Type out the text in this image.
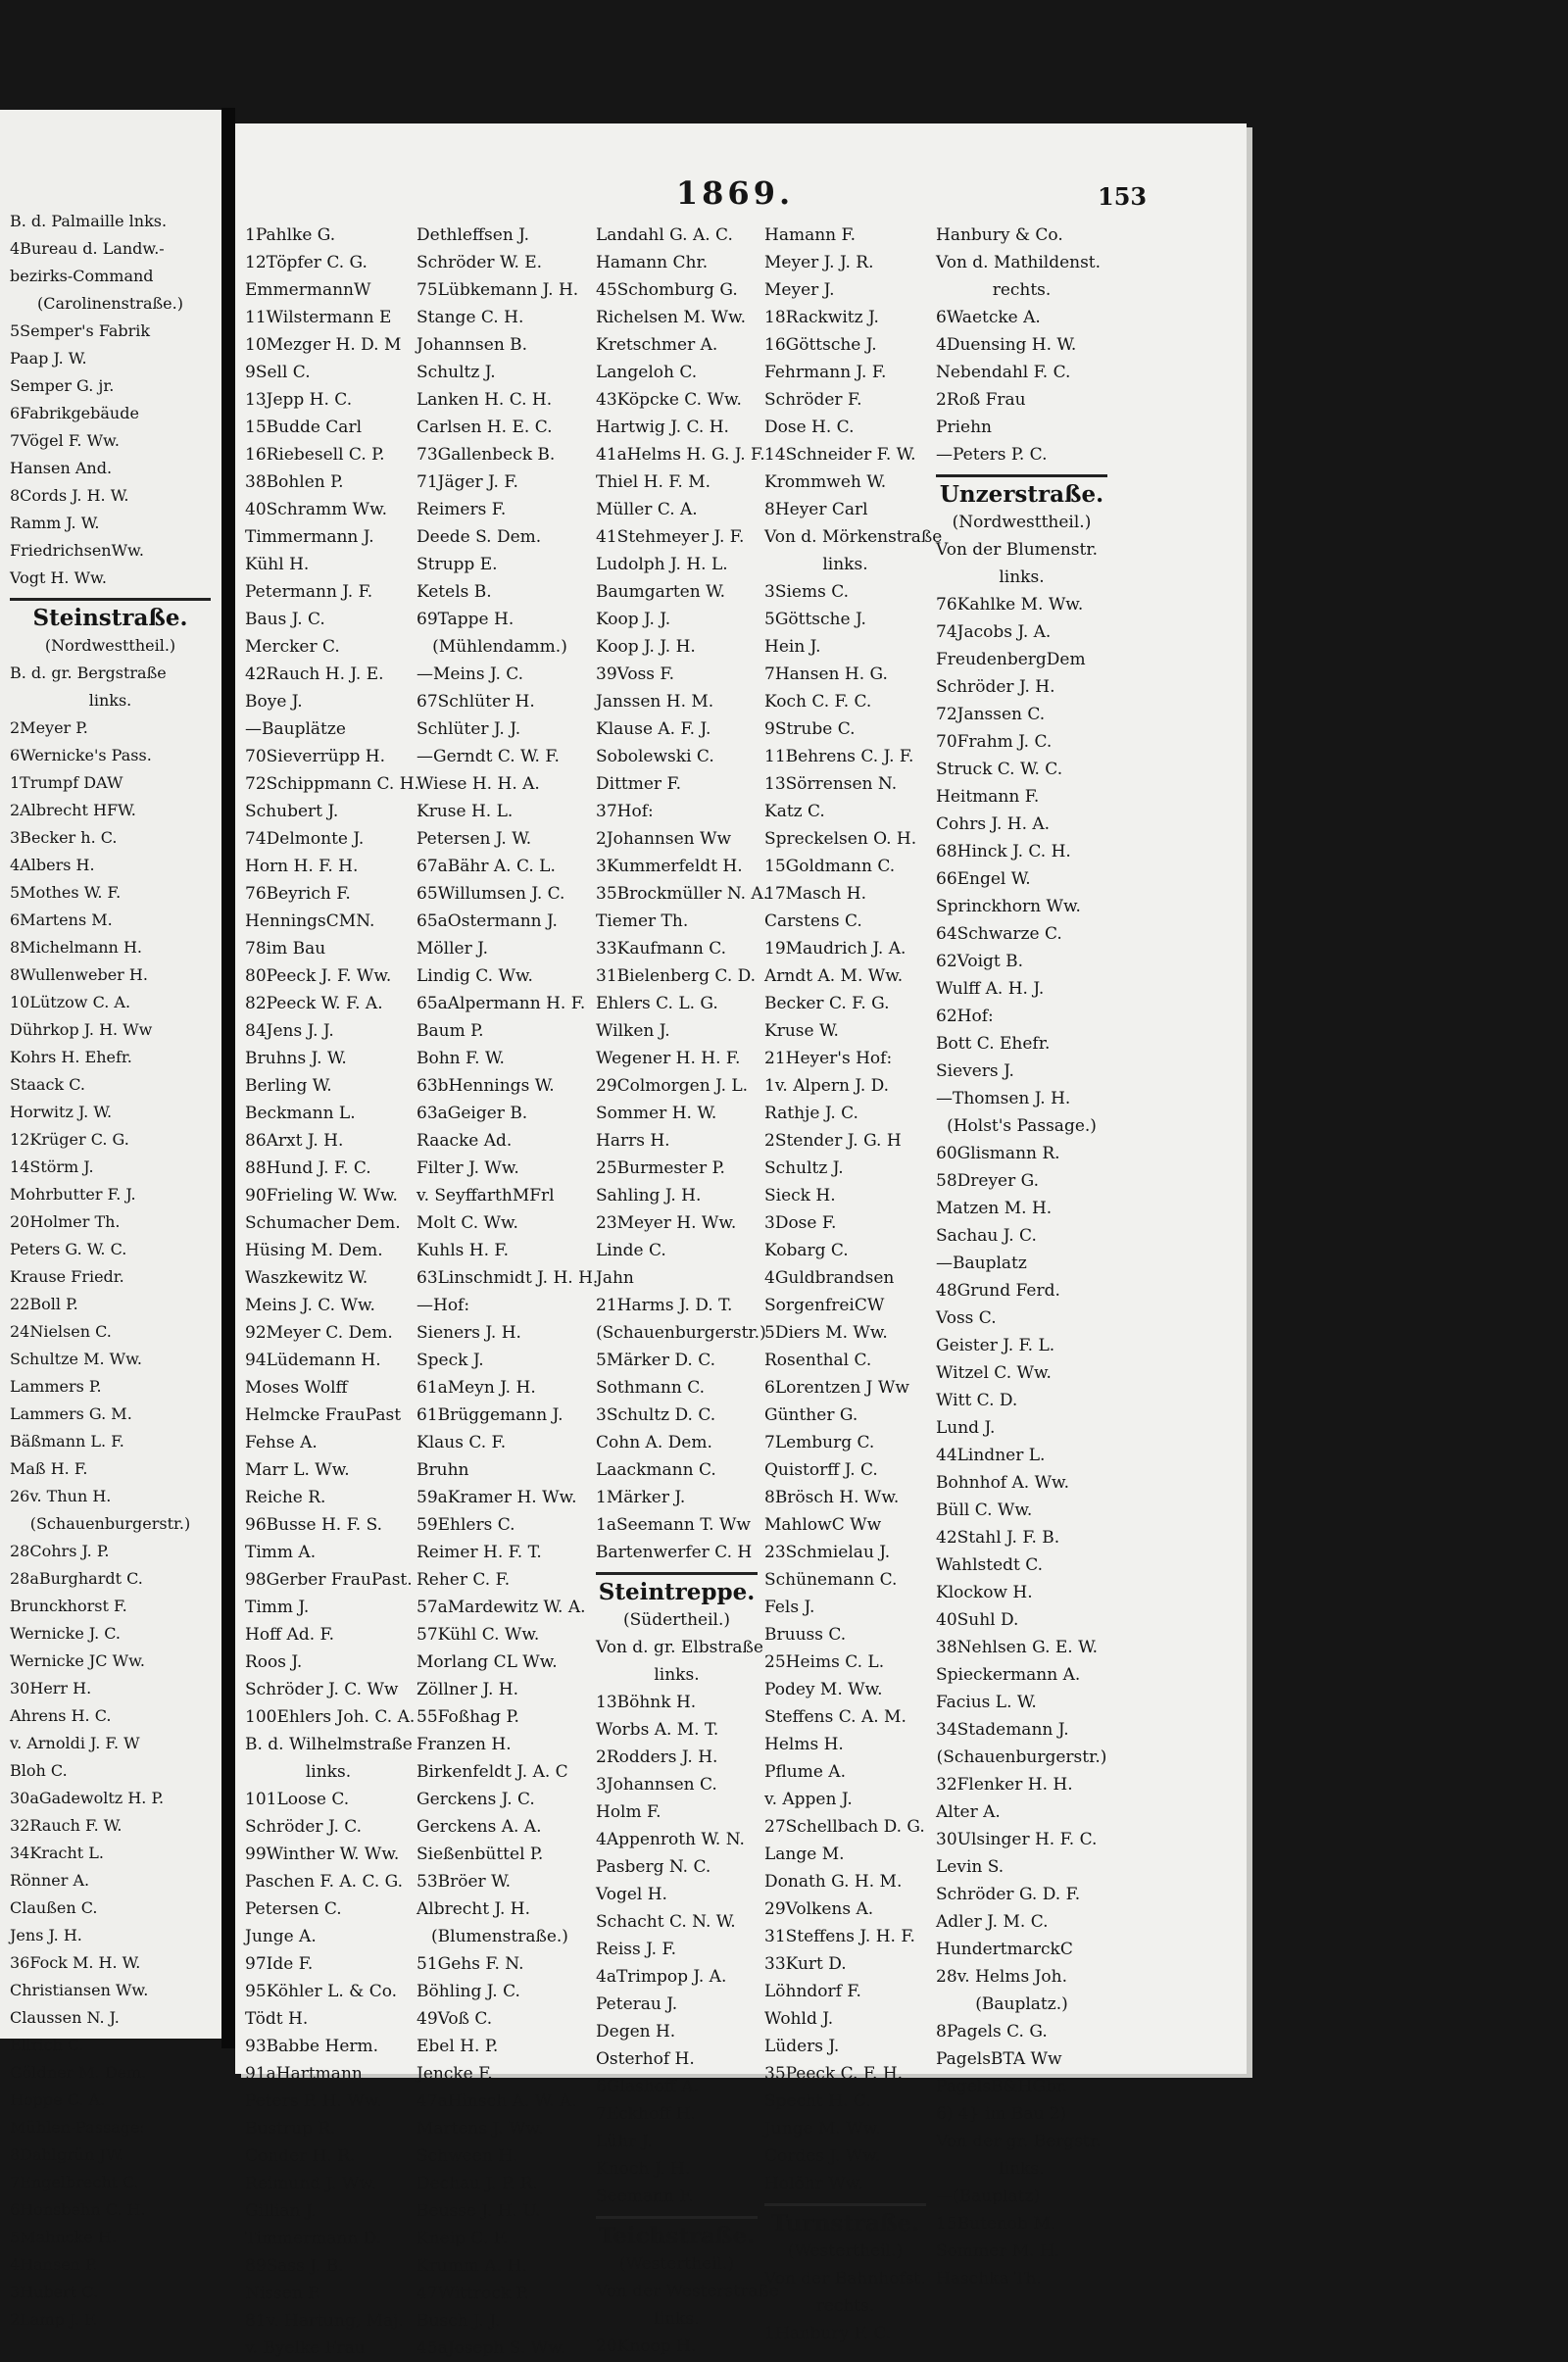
B. d. Palmaille lnks.
4Bureau d. Landw.-
bezirks-Command
(Carolinenstraße.)
5Semper's Fabrik
Paap J. W.
Semper G. jr.
6Fabrikgebäude
7Vögel F. Ww.
Hansen And.
8Cords J. H. W.
Ramm J. W.
FriedrichsenWw.
Vogt H. Ww.
Steinstraße.
(Nordwesttheil.)
B. d. gr. Bergstraße
links.
2Meyer P.
6Wernicke's Pass.
1Trumpf DAW
2Albrecht HFW.
3Becker h. C.
4Albers H.
5Mothes W. F.
6Martens M.
8Michelmann H.
8Wullenweber H.
10Lützow C. A.
Dührkop J. H. Ww
Kohrs H. Ehefr.
Staack C.
Horwitz J. W.
12Krüger C. G.
14Störm J.
Mohrbutter F. J.
20Holmer Th.
Peters G. W. C.
Krause Friedr.
22Boll P.
24Nielsen C.
Schultze M. Ww.
Lammers P.
Lammers G. M.
Bäßmann L. F.
Maß H. F.
26v. Thun H.
(Schauenburgerstr.)
28Cohrs J. P.
28aBurghardt C.
Brunckhorst F.
Wernicke J. C.
Wernicke JC Ww.
30Herr H.
Ahrens H. C.
v. Arnoldi J. F. W
Bloh C.
30aGadewoltz H. P.
32Rauch F. W.
34Kracht L.
Rönner A.
Claußen C.
Jens J. H.
36Fock M. H. W.
Christiansen Ww.
Claussen N. J.
Ellrich C.
Göldner M. Dem.
Hoppe C. A.
Mühlen-Passage:
8Dahlgrün JW.
7Engelbrecht C.
6Honsbehn C. H.
5Mahncke H.
4Hansen P.
3Hubert C.
2Lamp J. F.
1869.	153
1Pahlke G.
12Töpfer C. G.
EmmermannW
11Wilstermann E
10Mezger H. D. M
9Sell C.
13Jepp H. C.
15Budde Carl
16Riebesell C. P.
38Bohlen P.
40Schramm Ww.
Timmermann J.
Kühl H.
Petermann J. F.
Baus J. C.
Mercker C.
42Rauch H. J. E.
Boye J.
—Bauplätze
70Sieverrüpp H.
72Schippmann C. H.
Schubert J.
74Delmonte J.
Horn H. F. H.
76Beyrich F.
HenningsCMN.
78im Bau
80Peeck J. F. Ww.
82Peeck W. F. A.
84Jens J. J.
Bruhns J. W.
Berling W.
Beckmann L.
86Arxt J. H.
88Hund J. F. C.
90Frieling W. Ww.
Schumacher Dem.
Hüsing M. Dem.
Waszkewitz W.
Meins J. C. Ww.
92Meyer C. Dem.
94Lüdemann H.
Moses Wolff
Helmcke FrauPast
Fehse A.
Marr L. Ww.
Reiche R.
96Busse H. F. S.
Timm A.
98Gerber FrauPast.
Timm J.
Hoff Ad. F.
Roos J.
Schröder J. C. Ww
100Ehlers Joh. C. A.
B. d. Wilhelmstraße
links.
101Loose C.
Schröder J. C.
99Winther W. Ww.
Paschen F. A. C. G.
Petersen C.
Junge A.
97Ide F.
95Köhler L. & Co.
Tödt H.
93Babbe Herm.
91aHartmann
Peters P. H. Ww.
Bustrup R.
Conder H. R.
Reimund J. Ww.
Gillian J.
Timmermann D.
89Sass J. B.
Nissen P.
81v. Hartung, Maj.
v. Byelke Frau
Dethleffsen J.
Schröder W. E.
75Lübkemann J. H.
Stange C. H.
Johannsen B.
Schultz J.
Lanken H. C. H.
Carlsen H. E. C.
73Gallenbeck B.
71Jäger J. F.
Reimers F.
Deede S. Dem.
Strupp E.
Ketels B.
69Tappe H.
(Mühlendamm.)
—Meins J. C.
67Schlüter H.
Schlüter J. J.
—Gerndt C. W. F.
Wiese H. H. A.
Kruse H. L.
Petersen J. W.
67aBähr A. C. L.
65Willumsen J. C.
65aOstermann J.
Möller J.
Lindig C. Ww.
65aAlpermann H. F.
Baum P.
Bohn F. W.
63bHennings W.
63aGeiger B.
Raacke Ad.
Filter J. Ww.
v. SeyffarthMFrl
Molt C. Ww.
Kuhls H. F.
63Linschmidt J. H. H.
—Hof:
Sieners J. H.
Speck J.
61aMeyn J. H.
61Brüggemann J.
Klaus C. F.
Bruhn
59aKramer H. Ww.
59Ehlers C.
Reimer H. F. T.
Reher C. F.
57aMardewitz W. A.
57Kühl C. Ww.
Morlang CL Ww.
Zöllner J. H.
55Foßhag P.
Franzen H.
Birkenfeldt J. A. C
Gerckens J. C.
Gerckens A. A.
Sießenbüttel P.
53Bröer W.
Albrecht J. H.
(Blumenstraße.)
51Gehs F. N.
Böhling J. C.
49Voß C.
Ebel H. P.
Jencke F.
47aHinsch A. W. A.
Martens J. Ww.
Schween H.
Dechau J. P. R.
Beusse J. H. U.
Kneip C. F.
Krumm A. H.
47Wittrock P.
Busch J. J.
45aJoseph S. Ww.
Landahl G. A. C.
Hamann Chr.
45Schomburg G.
Richelsen M. Ww.
Kretschmer A.
Langeloh C.
43Köpcke C. Ww.
Hartwig J. C. H.
41aHelms H. G. J. F.
Thiel H. F. M.
Müller C. A.
41Stehmeyer J. F.
Ludolph J. H. L.
Baumgarten W.
Koop J. J.
Koop J. J. H.
39Voss F.
Janssen H. M.
Klause A. F. J.
Sobolewski C.
Dittmer F.
37Hof:
2Johannsen Ww
3Kummerfeldt H.
35Brockmüller N. A.
Tiemer Th.
33Kaufmann C.
31Bielenberg C. D.
Ehlers C. L. G.
Wilken J.
Wegener H. H. F.
29Colmorgen J. L.
Sommer H. W.
Harrs H.
25Burmester P.
Sahling J. H.
23Meyer H. Ww.
Linde C.
Jahn
21Harms J. D. T.
(Schauenburgerstr.)
5Märker D. C.
Sothmann C.
3Schultz D. C.
Cohn A. Dem.
Laackmann C.
1Märker J.
1aSeemann T. Ww
Bartenwerfer C. H
Steintreppe.
(Südertheil.)
Von d. gr. Elbstraße
links.
13Böhnk H.
Worbs A. M. T.
2Rodders J. H.
3Johannsen C.
Holm F.
4Appenroth W. N.
Pasberg N. C.
Vogel H.
Schacht C. N. W.
Reiss J. F.
4aTrimpop J. A.
Peterau J.
Degen H.
Osterhof H.
6Glashoff A.
7Eckhoff H.
Lühr J.
Knoch J. H.
Seemann F.
Teichstraße.
(Westertheil.)
Von der Westerstraße
links.
20Knoop H.
Hamann F.
Meyer J. J. R.
Meyer J.
18Rackwitz J.
16Göttsche J.
Fehrmann J. F.
Schröder F.
Dose H. C.
14Schneider F. W.
Krommweh W.
8Heyer Carl
Von d. Mörkenstraße
links.
3Siems C.
5Göttsche J.
Hein J.
7Hansen H. G.
Koch C. F. C.
9Strube C.
11Behrens C. J. F.
13Sörrensen N.
Katz C.
Spreckelsen O. H.
15Goldmann C.
17Masch H.
Carstens C.
19Maudrich J. A.
Arndt A. M. Ww.
Becker C. F. G.
Kruse W.
21Heyer's Hof:
1v. Alpern J. D.
Rathje J. C.
2Stender J. G. H
Schultz J.
Sieck H.
3Dose F.
Kobarg C.
4Guldbrandsen
SorgenfreiCW
5Diers M. Ww.
Rosenthal C.
6Lorentzen J Ww
Günther G.
7Lemburg C.
Quistorff J. C.
8Brösch H. Ww.
MahlowC Ww
23Schmielau J.
Schünemann C.
Fels J.
Bruuss C.
25Heims C. L.
Podey M. Ww.
Steffens C. A. M.
Helms H.
Pflume A.
v. Appen J.
27Schellbach D. G.
Lange M.
Donath G. H. M.
29Volkens A.
31Steffens J. H. F.
33Kurt D.
Löhndorf F.
Wohld J.
Lüders J.
35Peeck C. F. H.
Specht H. C.
Junge M. Ww.
Cordes J. Ww.
Holöhr Ww.
Turnstraße.
(Westertheil.)
Von der Bahnhofst.
rechts.
1Hanbury F. C.
Hanbury & Co.
Von d. Mathildenst.
rechts.
6Waetcke A.
4Duensing H. W.
Nebendahl F. C.
2Roß Frau
Priehn
—Peters P. C.
Unzerstraße.
(Nordwesttheil.)
Von der Blumenstr.
links.
76Kahlke M. Ww.
74Jacobs J. A.
FreudenbergDem
Schröder J. H.
72Janssen C.
70Frahm J. C.
Struck C. W. C.
Heitmann F.
Cohrs J. H. A.
68Hinck J. C. H.
66Engel W.
Sprinckhorn Ww.
64Schwarze C.
62Voigt B.
Wulff A. H. J.
62Hof:
Bott C. Ehefr.
Sievers J.
—Thomsen J. H.
(Holst's Passage.)
60Glismann R.
58Dreyer G.
Matzen M. H.
Sachau J. C.
—Bauplatz
48Grund Ferd.
Voss C.
Geister J. F. L.
Witzel C. Ww.
Witt C. D.
Lund J.
44Lindner L.
Bohnhof A. Ww.
Büll C. Ww.
42Stahl J. F. B.
Wahlstedt C.
Klockow H.
40Suhl D.
38Nehlsen G. E. W.
Spieckermann A.
Facius L. W.
34Stademann J.
(Schauenburgerstr.)
32Flenker H. H.
Alter A.
30Ulsinger H. F. C.
Levin S.
Schröder G. D. F.
Adler J. M. C.
HundertmarckC
28v. Helms Joh.
(Bauplatz.)
8Pagels C. G.
PagelsBTA Ww
PagelsB&HGbr.
6) 4} im Bau 2)
Von der gr. Bergstr.
links.
—(Bauplatz)
15Butenob M.
Sommer M. H.
Haschka Th.
